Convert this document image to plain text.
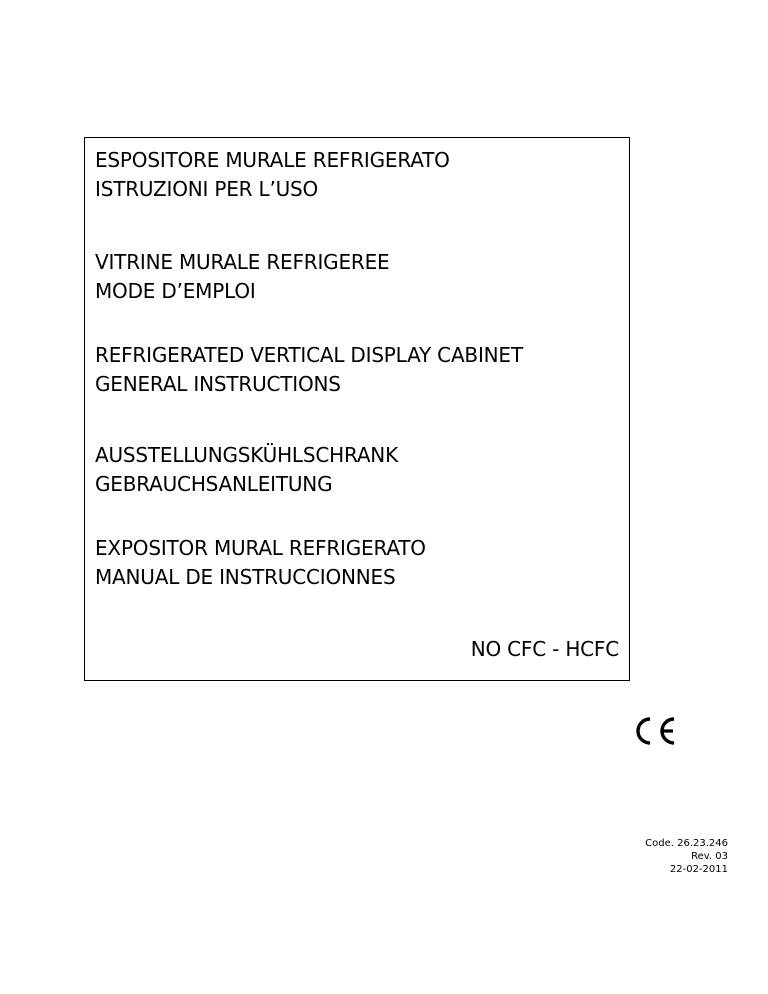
ESPOSITORE MURALE REFRIGERATO
ISTRUZIONI PER L’USO
VITRINE MURALE REFRIGEREE
MODE D’EMPLOI
REFRIGERATED VERTICAL DISPLAY CABINET
GENERAL INSTRUCTIONS
AUSSTELLUNGSKÜHLSCHRANK
GEBRAUCHSANLEITUNG
EXPOSITOR MURAL REFRIGERATO
MANUAL DE INSTRUCCIONNES
NO CFC - HCFC
Code. 26.23.246
Rev. 03
22-02-2011
